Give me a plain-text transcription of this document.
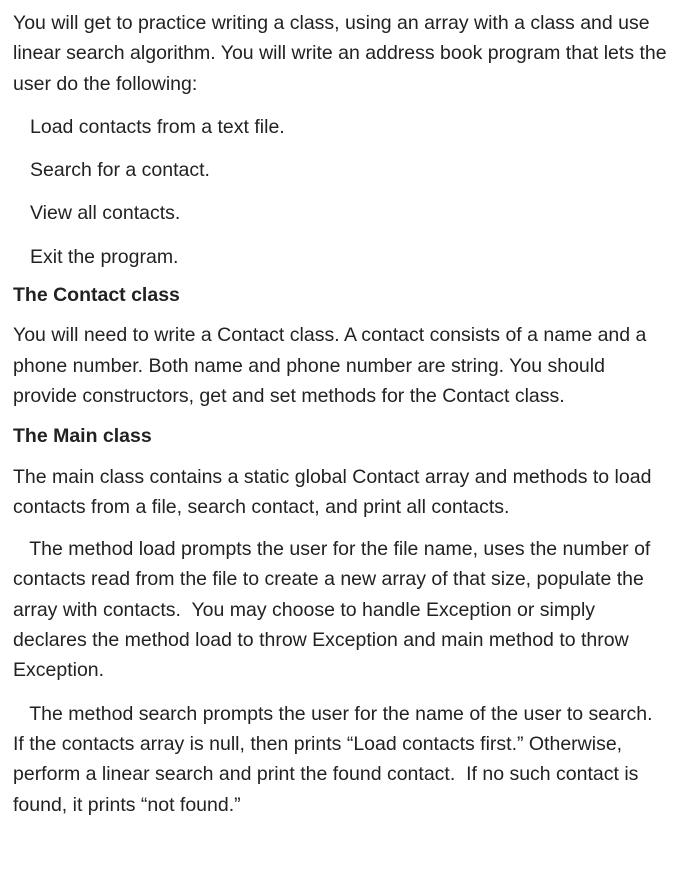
You will get to practice writing a class, using an array with a class and use linear search algorithm. You will write an address book program that lets the user do the following:

Load contacts from a text file.

Search for a contact.

View all contacts.

Exit the program.

The Contact class

You will need to write a Contact class. A contact consists of a name and a phone number. Both name and phone number are string. You should provide constructors, get and set methods for the Contact class.

The Main class

The main class contains a static global Contact array and methods to load contacts from a file, search contact, and print all contacts.

The method load prompts the user for the file name, uses the number of contacts read from the file to create a new array of that size, populate the array with contacts.  You may choose to handle Exception or simply declares the method load to throw Exception and main method to throw Exception.

The method search prompts the user for the name of the user to search.  If the contacts array is null, then prints “Load contacts first.” Otherwise, perform a linear search and print the found contact.  If no such contact is found, it prints “not found.”
